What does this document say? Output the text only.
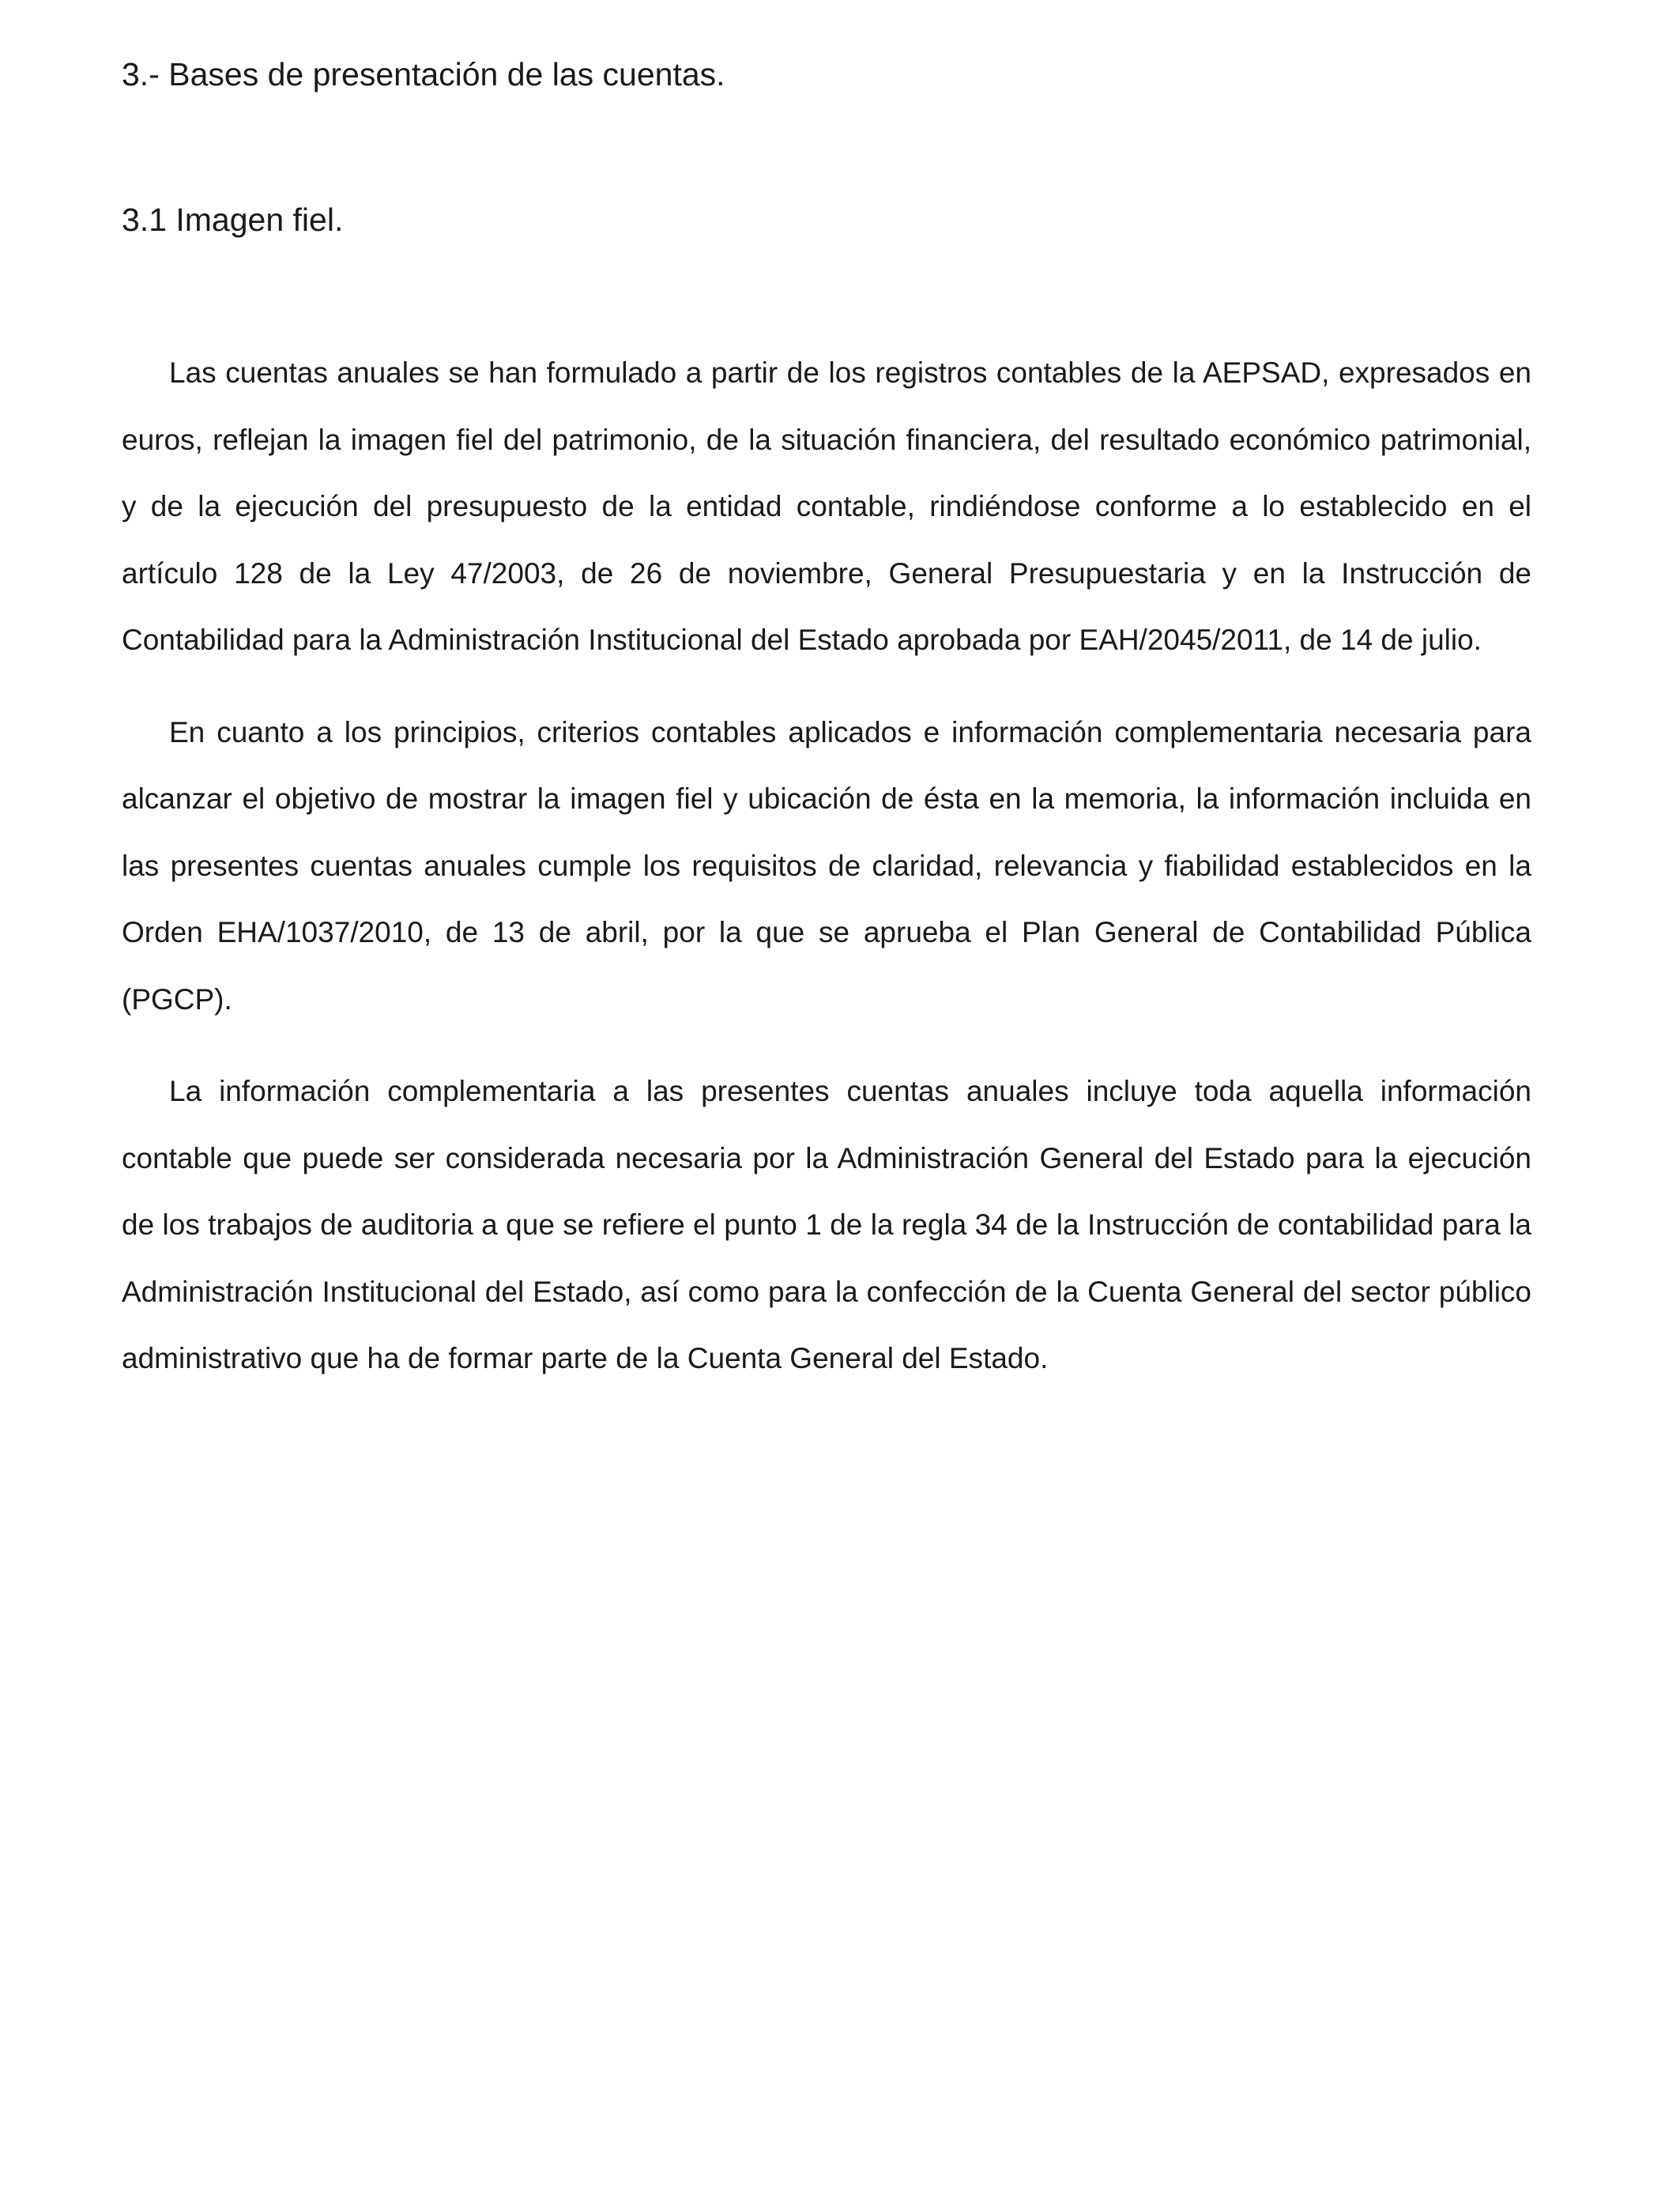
3.- Bases de presentación de las cuentas.
3.1 Imagen fiel.

Las cuentas anuales se han formulado a partir de los registros contables de la AEPSAD, expresados en euros, reflejan la imagen fiel del patrimonio, de la situación financiera, del resultado económico patrimonial, y de la ejecución del presupuesto de la entidad contable, rindiéndose conforme a lo establecido en el artículo 128 de la Ley 47/2003, de 26 de noviembre, General Presupuestaria y en la Instrucción de Contabilidad para la Administración Institucional del Estado aprobada por EAH/2045/2011, de 14 de julio.

En cuanto a los principios, criterios contables aplicados e información complementaria necesaria para alcanzar el objetivo de mostrar la imagen fiel y ubicación de ésta en la memoria, la información incluida en las presentes cuentas anuales cumple los requisitos de claridad, relevancia y fiabilidad establecidos en la Orden EHA/1037/2010, de 13 de abril, por la que se aprueba el Plan General de Contabilidad Pública (PGCP).

La información complementaria a las presentes cuentas anuales incluye toda aquella información contable que puede ser considerada necesaria por la Administración General del Estado para la ejecución de los trabajos de auditoria a que se refiere el punto 1 de la regla 34 de la Instrucción de contabilidad para la Administración Institucional del Estado, así como para la confección de la Cuenta General del sector público administrativo que ha de formar parte de la Cuenta General del Estado.
